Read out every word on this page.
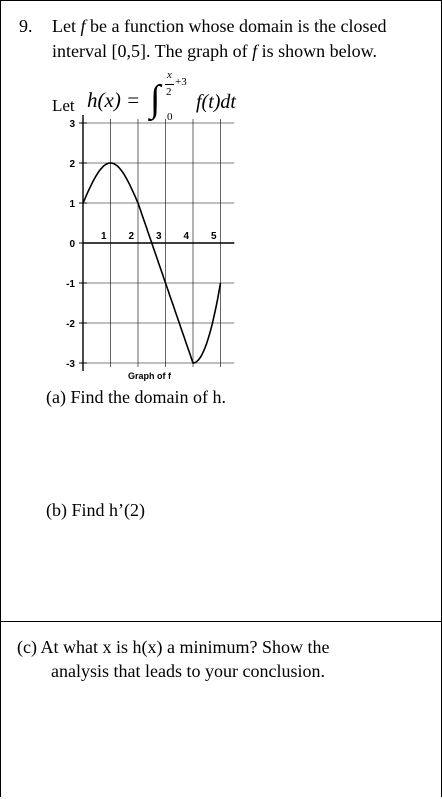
9. Let f be a function whose domain is the closed
interval [0,5]. The graph of f is shown below.
Let h(x) = ∫
x
2
+3
0
f(t)dt
3
2
1
0
-1
-2
-3
1 2 3 4 5
Graph of f
(a) Find the domain of h.
(b) Find h’(2)
(c) At what x is h(x) a minimum? Show the
analysis that leads to your conclusion.
